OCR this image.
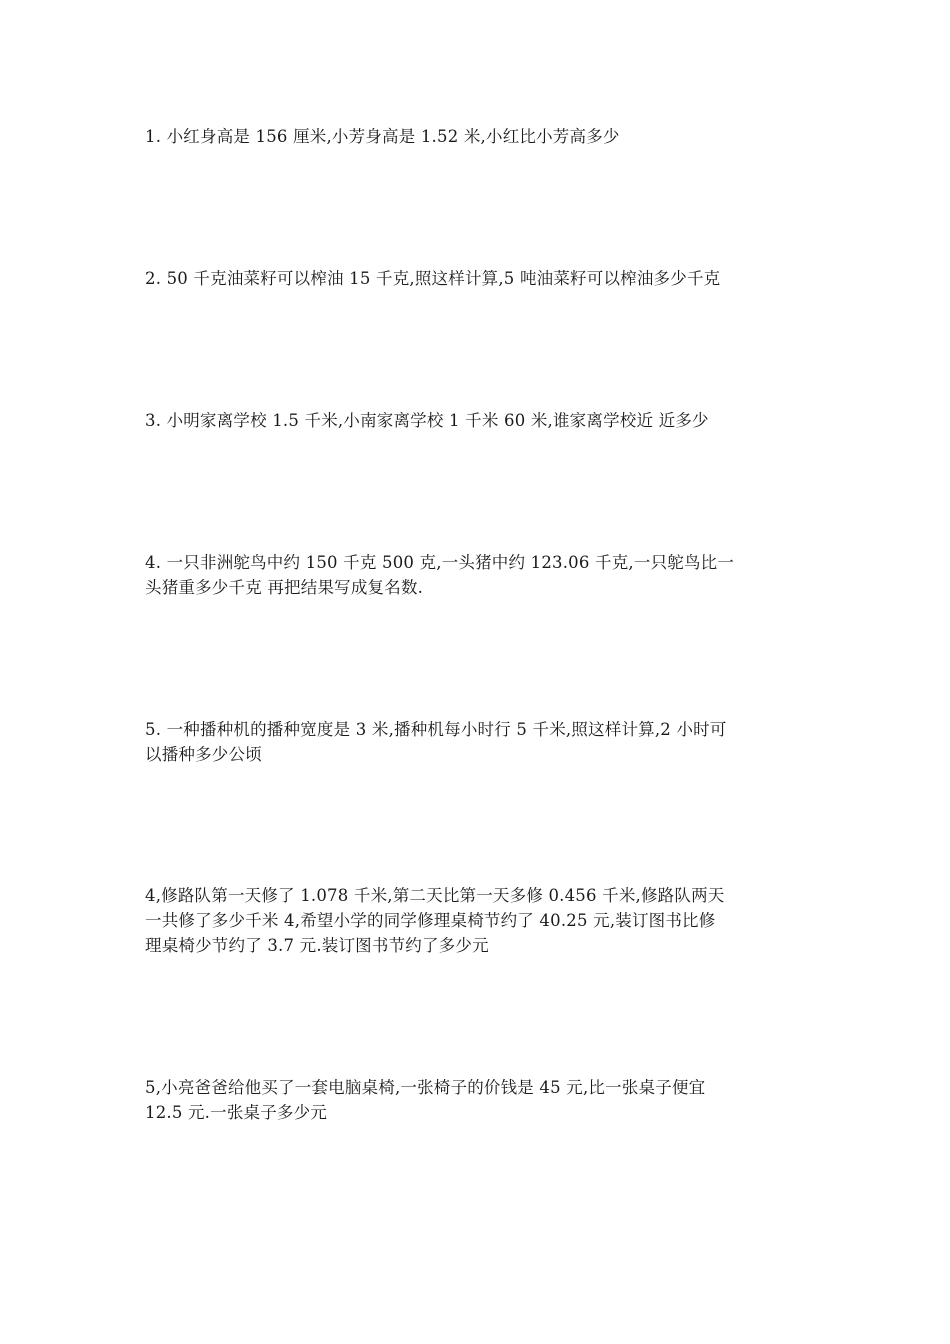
1. 小红身高是 156 厘米,小芳身高是 1.52 米,小红比小芳高多少
2. 50 千克油菜籽可以榨油 15 千克,照这样计算,5 吨油菜籽可以榨油多少千克
3. 小明家离学校 1.5 千米,小南家离学校 1 千米 60 米,谁家离学校近 近多少
4. 一只非洲鸵鸟中约 150 千克 500 克,一头猪中约 123.06 千克,一只鸵鸟比一
头猪重多少千克 再把结果写成复名数.
5. 一种播种机的播种宽度是 3 米,播种机每小时行 5 千米,照这样计算,2 小时可
以播种多少公顷
4,修路队第一天修了 1.078 千米,第二天比第一天多修 0.456 千米,修路队两天
一共修了多少千米 4,希望小学的同学修理桌椅节约了 40.25 元,装订图书比修
理桌椅少节约了 3.7 元.装订图书节约了多少元
5,小亮爸爸给他买了一套电脑桌椅,一张椅子的价钱是 45 元,比一张桌子便宜
12.5 元.一张桌子多少元
